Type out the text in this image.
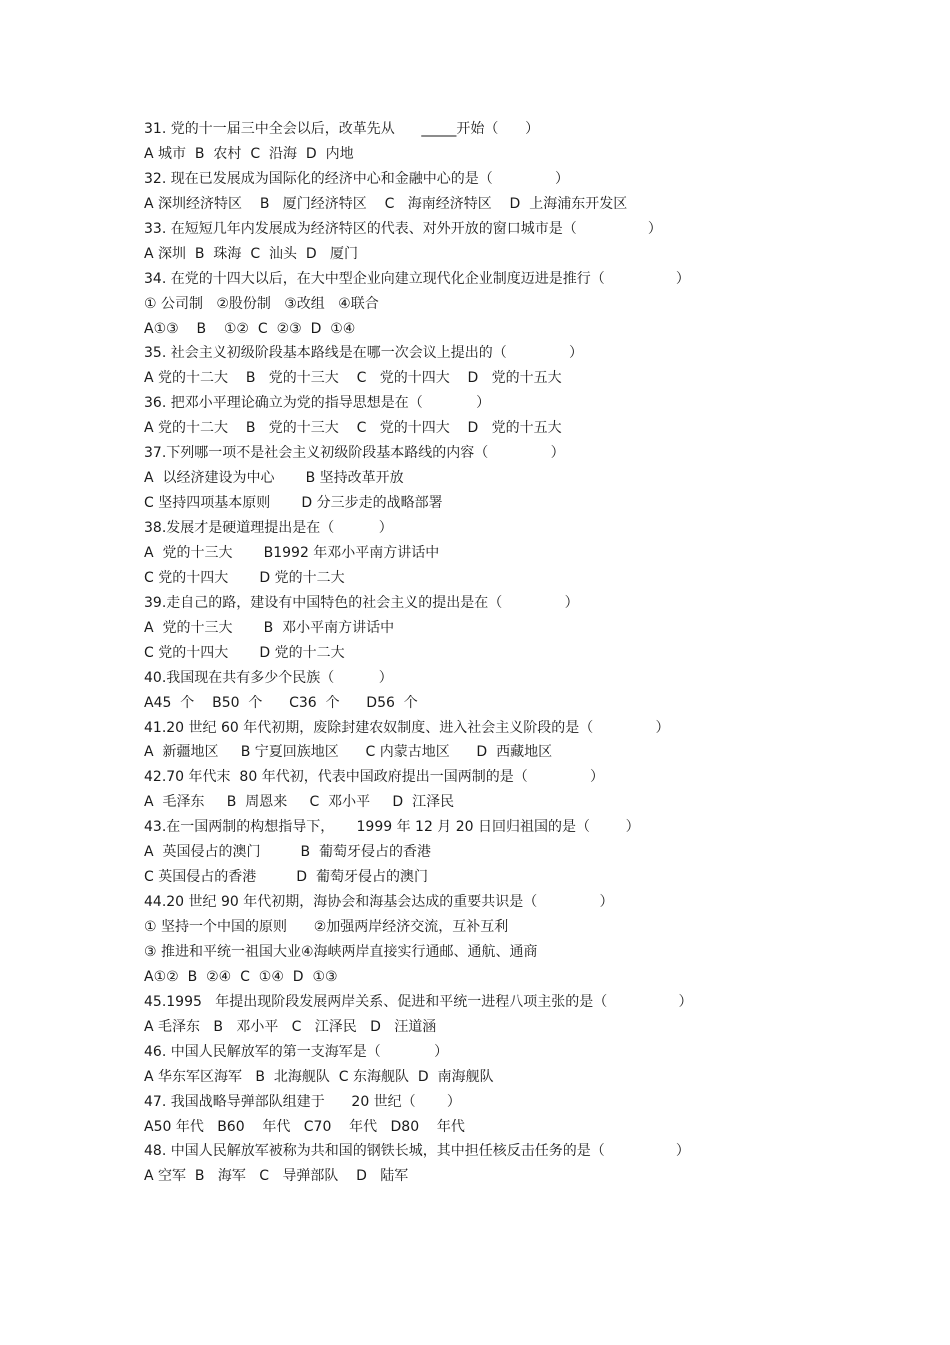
31. 党的十一届三中全会以后，改革先从      _____开始（      ）
A 城市  B  农村  C  沿海  D  内地
32. 现在已发展成为国际化的经济中心和金融中心的是（              ）
A 深圳经济特区    B   厦门经济特区    C   海南经济特区    D  上海浦东开发区
33. 在短短几年内发展成为经济特区的代表、对外开放的窗口城市是（                ）
A 深圳  B  珠海  C  汕头  D   厦门
34. 在党的十四大以后，在大中型企业向建立现代化企业制度迈进是推行（                ）
① 公司制   ②股份制   ③改组   ④联合
A①③    B    ①②  C  ②③  D  ①④
35. 社会主义初级阶段基本路线是在哪一次会议上提出的（              ）
A 党的十二大    B   党的十三大    C   党的十四大    D   党的十五大
36. 把邓小平理论确立为党的指导思想是在（            ）
A 党的十二大    B   党的十三大    C   党的十四大    D   党的十五大
37.下列哪一项不是社会主义初级阶段基本路线的内容（              ）
A  以经济建设为中心       B 坚持改革开放
C 坚持四项基本原则       D 分三步走的战略部署
38.发展才是硬道理提出是在（          ）
A  党的十三大       B1992 年邓小平南方讲话中
C 党的十四大       D 党的十二大
39.走自己的路，建设有中国特色的社会主义的提出是在（              ）
A  党的十三大       B  邓小平南方讲话中
C 党的十四大       D 党的十二大
40.我国现在共有多少个民族（          ）
A45  个    B50  个      C36  个      D56  个
41.20 世纪 60 年代初期，废除封建农奴制度、进入社会主义阶段的是（              ）
A  新疆地区     B 宁夏回族地区      C 内蒙古地区      D  西藏地区
42.70 年代末  80 年代初，代表中国政府提出一国两制的是（              ）
A  毛泽东     B  周恩来     C  邓小平     D  江泽民
43.在一国两制的构想指导下，     1999 年 12 月 20 日回归祖国的是（        ）
A  英国侵占的澳门         B  葡萄牙侵占的香港
C 英国侵占的香港         D  葡萄牙侵占的澳门
44.20 世纪 90 年代初期，海协会和海基会达成的重要共识是（              ）
① 坚持一个中国的原则      ②加强两岸经济交流，互补互利
③ 推进和平统一祖国大业④海峡两岸直接实行通邮、通航、通商
A①②  B  ②④  C  ①④  D  ①③
45.1995   年提出现阶段发展两岸关系、促进和平统一进程八项主张的是（                ）
A 毛泽东   B   邓小平   C   江泽民   D   汪道涵
46. 中国人民解放军的第一支海军是（            ）
A 华东军区海军   B  北海舰队  C 东海舰队  D  南海舰队
47. 我国战略导弹部队组建于      20 世纪（       ）
A50 年代   B60    年代   C70    年代   D80    年代
48. 中国人民解放军被称为共和国的钢铁长城，其中担任核反击任务的是（                ）
A 空军  B   海军   C   导弹部队    D   陆军
